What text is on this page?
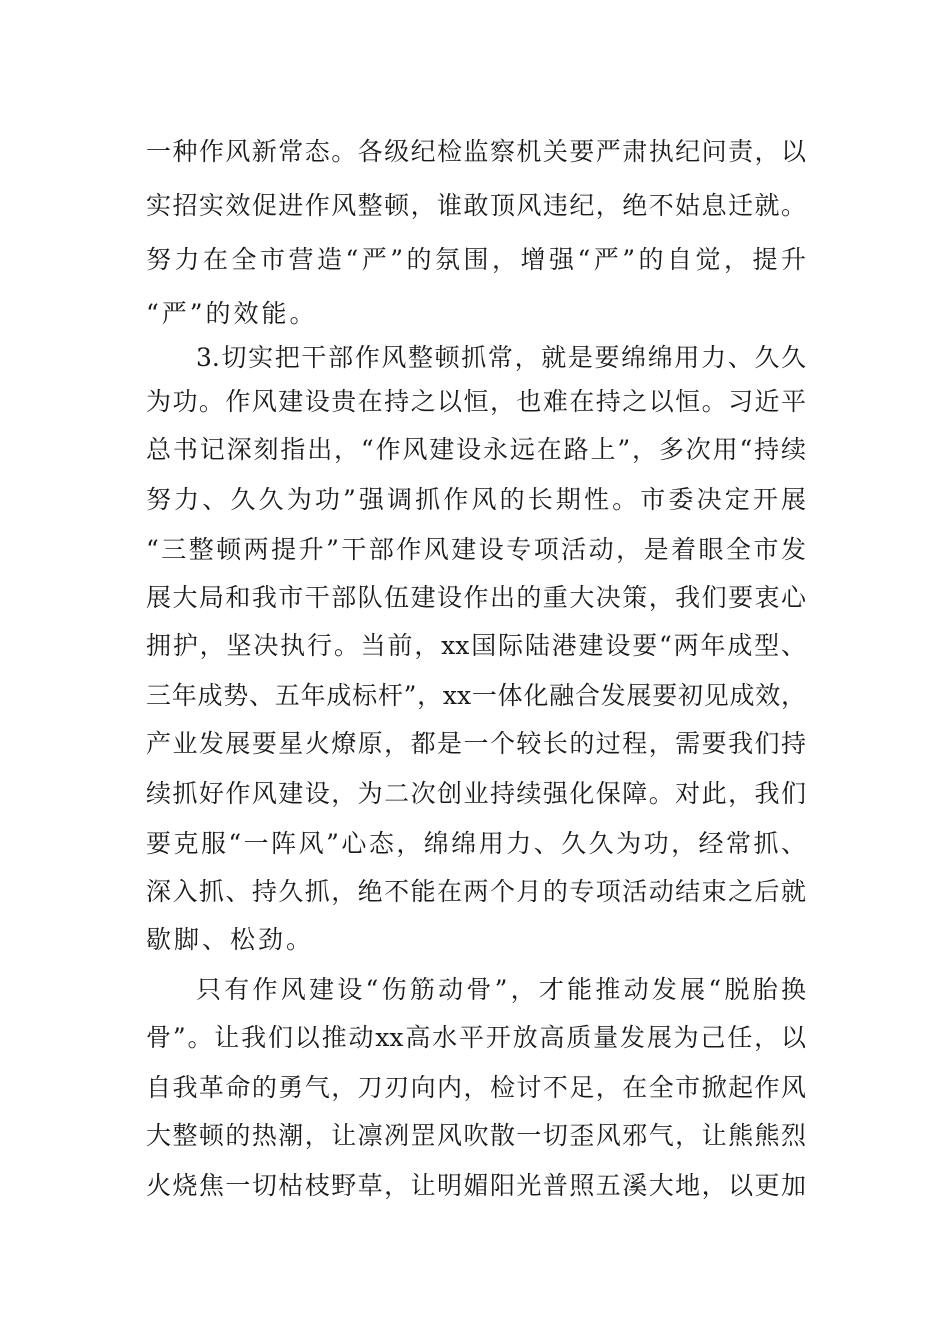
一种作风新常态。各级纪检监察机关要严肃执纪问责，以
实招实效促进作风整顿，谁敢顶风违纪，绝不姑息迁就。
努力在全市营造“严”的氛围，增强“严”的自觉，提升
“严”的效能。
3.切实把干部作风整顿抓常，就是要绵绵用力、久久
为功。作风建设贵在持之以恒，也难在持之以恒。习近平
总书记深刻指出，“作风建设永远在路上”，多次用“持续
努力、久久为功”强调抓作风的长期性。市委决定开展
“三整顿两提升”干部作风建设专项活动，是着眼全市发
展大局和我市干部队伍建设作出的重大决策，我们要衷心
拥护，坚决执行。当前，xx国际陆港建设要“两年成型、
三年成势、五年成标杆”，xx一体化融合发展要初见成效，
产业发展要星火燎原，都是一个较长的过程，需要我们持
续抓好作风建设，为二次创业持续强化保障。对此，我们
要克服“一阵风”心态，绵绵用力、久久为功，经常抓、
深入抓、持久抓，绝不能在两个月的专项活动结束之后就
歇脚、松劲。
只有作风建设“伤筋动骨”，才能推动发展“脱胎换
骨”。让我们以推动xx高水平开放高质量发展为己任，以
自我革命的勇气，刀刃向内，检讨不足，在全市掀起作风
大整顿的热潮，让凛冽罡风吹散一切歪风邪气，让熊熊烈
火烧焦一切枯枝野草，让明媚阳光普照五溪大地，以更加
